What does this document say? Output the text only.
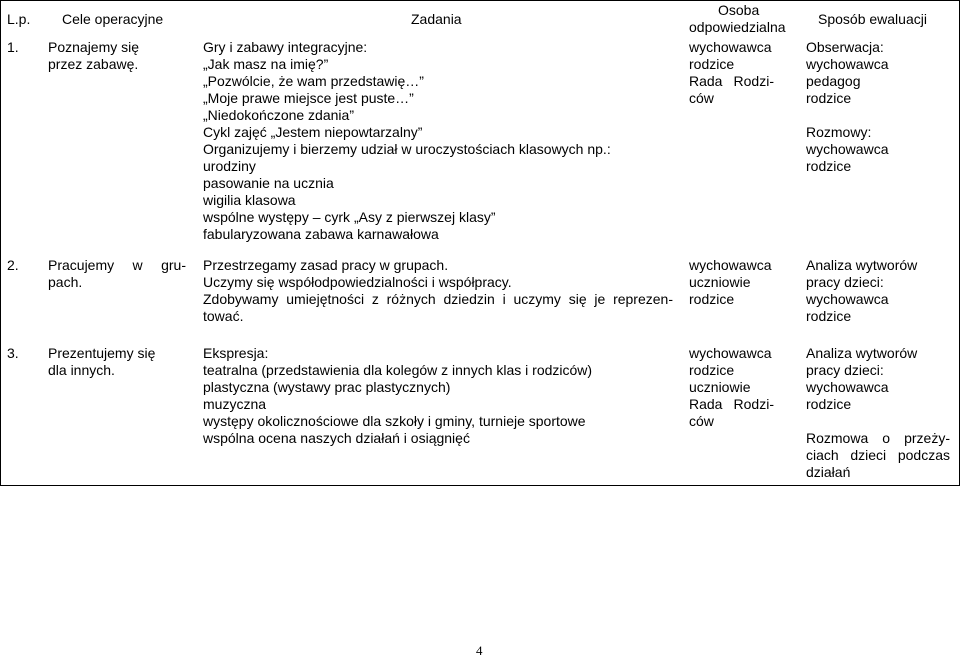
L.p. Cele operacyjne	Zadania
Osoba
odpowiedzialna Sposób ewaluacji
1. Poznajemy się
przez zabawę.
Gry i zabawy integracyjne:
„Jak masz na imię?”
„Pozwólcie, że wam przedstawię…”
„Moje prawe miejsce jest puste…”
„Niedokończone zdania”
Cykl zajęć „Jestem niepowtarzalny”
Organizujemy i bierzemy udział w uroczystościach klasowych np.:
urodziny
pasowanie na ucznia
wigilia klasowa
wspólne występy – cyrk „Asy z pierwszej klasy”
fabularyzowana zabawa karnawałowa
wychowawca
rodzice
Rada Rodzi-
ców
Obserwacja:
wychowawca
pedagog
rodzice
Rozmowy:
wychowawca
rodzice
2. Pracujemy w gru-
pach.
Przestrzegamy zasad pracy w grupach.
Uczymy się współodpowiedzialności i współpracy.
Zdobywamy umiejętności z różnych dziedzin i uczymy się je reprezen-
tować.
wychowawca
uczniowie
rodzice
Analiza wytworów
pracy dzieci:
wychowawca
rodzice
3. Prezentujemy się
dla innych.
Ekspresja:
teatralna (przedstawienia dla kolegów z innych klas i rodziców)
plastyczna (wystawy prac plastycznych)
muzyczna
występy okolicznościowe dla szkoły i gminy, turnieje sportowe
wspólna ocena naszych działań i osiągnięć
wychowawca
rodzice
uczniowie
Rada Rodzi-
ców
Analiza wytworów
pracy dzieci:
wychowawca
rodzice
Rozmowa o przeży-
ciach dzieci podczas
działań
4
